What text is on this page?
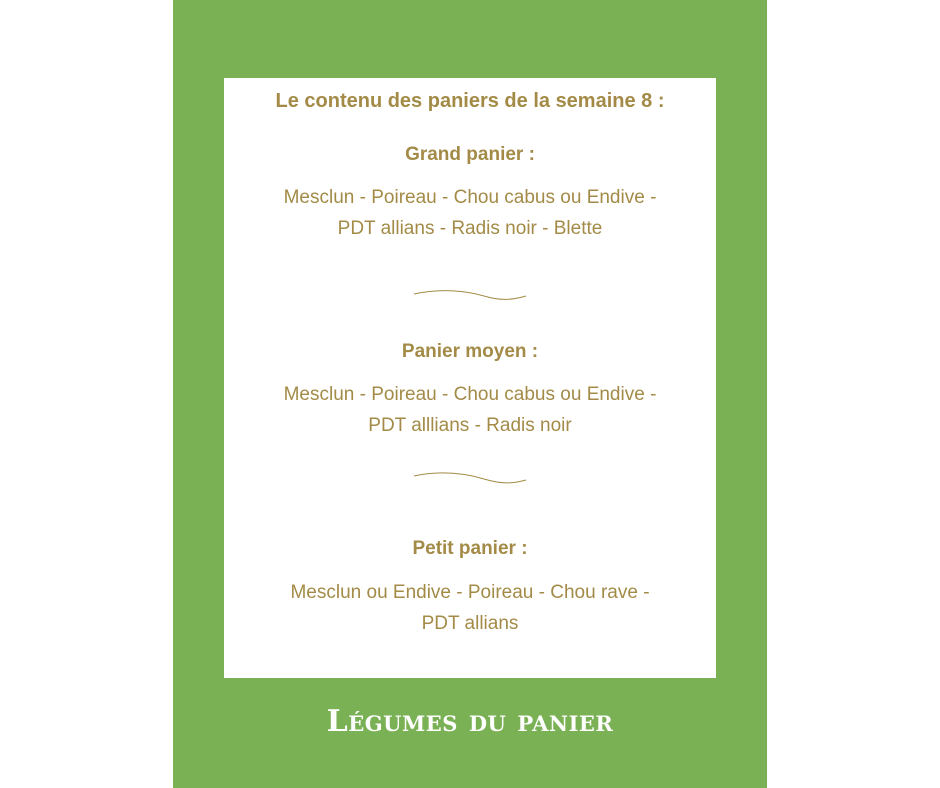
Le contenu des paniers de la semaine 8 :
Grand panier :
Mesclun - Poireau - Chou cabus ou Endive -
PDT allians - Radis noir - Blette
Panier moyen :
Mesclun - Poireau - Chou cabus ou Endive -
PDT alllians - Radis noir
Petit panier :
Mesclun ou Endive - Poireau - Chou rave -
PDT allians
Légumes du panier
